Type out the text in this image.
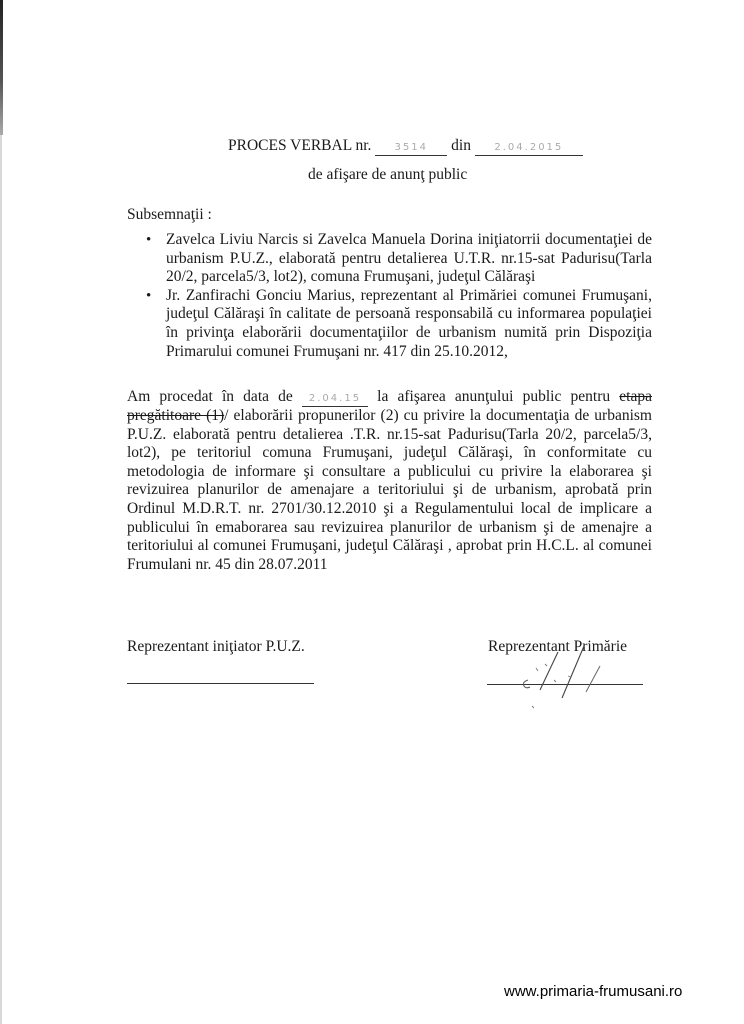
PROCES VERBAL nr. 3514 din 2.04.2015
de afişare de anunţ public
Subsemnaţii :
• Zavelca Liviu Narcis si Zavelca Manuela Dorina iniţiatorrii documentaţiei de urbanism P.U.Z., elaborată pentru detalierea U.T.R. nr.15-sat Padurisu(Tarla 20/2, parcela5/3, lot2), comuna Frumuşani, judeţul Călăraşi
• Jr. Zanfirachi Gonciu Marius, reprezentant al Primăriei comunei Frumuşani, judeţul Călăraşi în calitate de persoană responsabilă cu informarea populaţiei în privinţa elaborării documentaţiilor de urbanism numită prin Dispoziţia Primarului comunei Frumuşani nr. 417 din 25.10.2012,
Am procedat în data de 2.04.15 la afişarea anunţului public pentru etapa pregătitoare (1)/ elaborării propunerilor (2) cu privire la documentaţia de urbanism P.U.Z. elaborată pentru detalierea .T.R. nr.15-sat Padurisu(Tarla 20/2, parcela5/3, lot2), pe teritoriul comuna Frumuşani, judeţul Călăraşi, în conformitate cu metodologia de informare şi consultare a publicului cu privire la elaborarea şi revizuirea planurilor de amenajare a teritoriului şi de urbanism, aprobată prin Ordinul M.D.R.T. nr. 2701/30.12.2010 şi a Regulamentului local de implicare a publicului în emaborarea sau revizuirea planurilor de urbanism şi de amenajre a teritoriului al comunei Frumuşani, judeţul Călăraşi , aprobat prin H.C.L. al comunei Frumulani nr. 45 din 28.07.2011
Reprezentant iniţiator P.U.Z.	Reprezentant Primărie
www.primaria-frumusani.ro
